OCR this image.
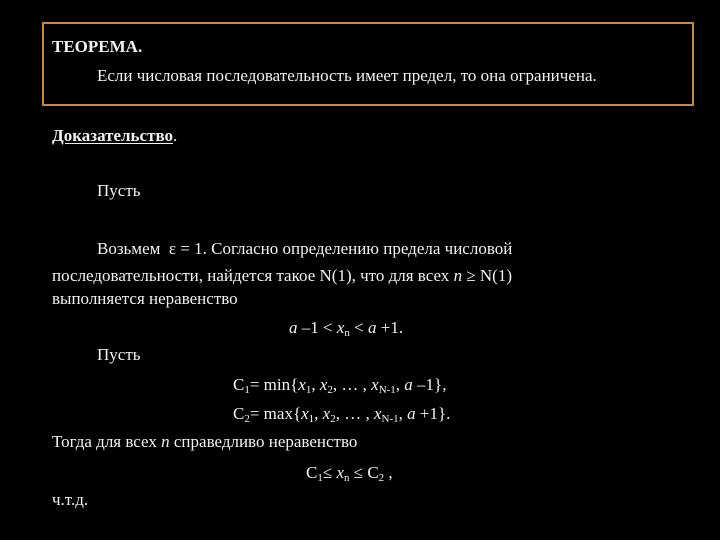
ТЕОРЕМА.
Если числовая последовательность имеет предел, то она ограничена.
Доказательство.
Пусть
Возьмем ε = 1. Согласно определению предела числовой
последовательности, найдется такое N(1), что для всех n ≥ N(1)
выполняется неравенство
a $-1 < x_n < a +1$.
Пусть
$C_1= \min\{x_1$, $x_2$, … , $x_{N-1}$, a –1},
$C_2= \max\{x_1$, $x_2$, … , $x_{N-1}$, a +1}.
Тогда для всех n справедливо неравенство
$C_1\le x_n \le C_2$ ,
ч.т.д.
